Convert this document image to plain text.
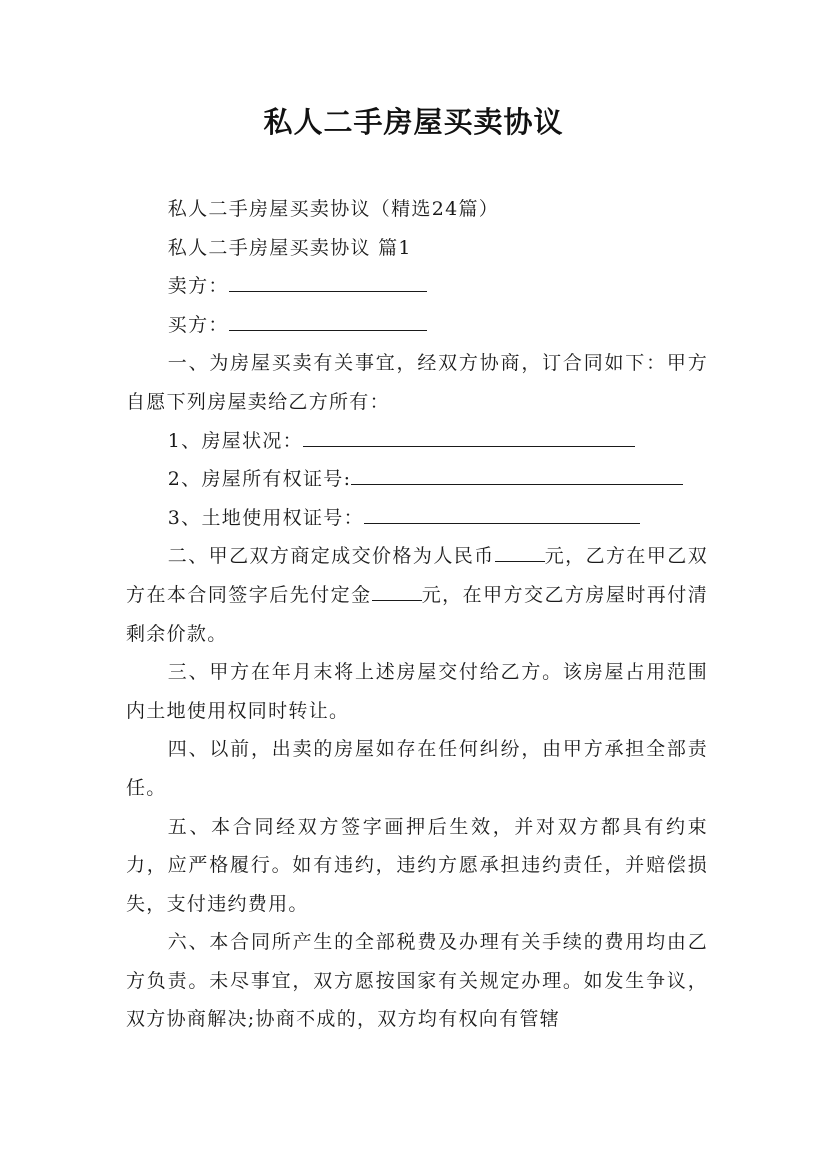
私人二手房屋买卖协议

私人二手房屋买卖协议（精选24篇）

私人二手房屋买卖协议 篇1

卖方：

买方：

一、为房屋买卖有关事宜，经双方协商，订合同如下：甲方自愿下列房屋卖给乙方所有：

1、房屋状况：

2、房屋所有权证号:

3、土地使用权证号：

二、甲乙双方商定成交价格为人民币	元，乙方在甲乙双方在本合同签字后先付定金	元，在甲方交乙方房屋时再付清剩余价款。

三、甲方在年月末将上述房屋交付给乙方。该房屋占用范围内土地使用权同时转让。

四、以前，出卖的房屋如存在任何纠纷，由甲方承担全部责任。

五、本合同经双方签字画押后生效，并对双方都具有约束力，应严格履行。如有违约，违约方愿承担违约责任，并赔偿损失，支付违约费用。

六、本合同所产生的全部税费及办理有关手续的费用均由乙方负责。未尽事宜，双方愿按国家有关规定办理。如发生争议，双方协商解决;协商不成的，双方均有权向有管辖
